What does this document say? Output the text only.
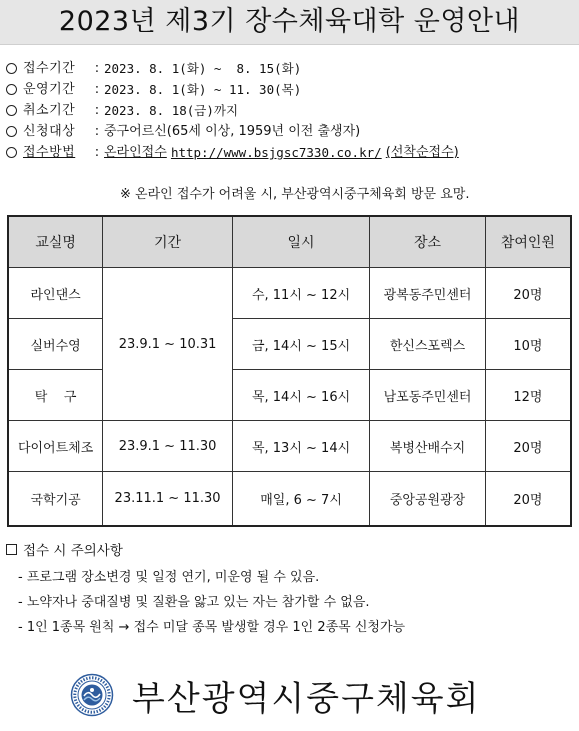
2023년 제3기 장수체육대학 운영안내
접수기간	: 2023. 8. 1(화) ~  8. 15(화)
운영기간	: 2023. 8. 1(화) ~ 11. 30(목)
취소기간	: 2023. 8. 18(금)까지
신청대상	: 중구어르신(65세 이상, 1959년 이전 출생자)
접수방법	: 온라인접수
http://www.bsjgsc7330.co.kr/
(선착순접수)
※ 온라인 접수가 어려울 시, 부산광역시중구체육회 방문 요망.
교실명	기간	일시	장소	참여인원
라인댄스	23.9.1 ~ 10.31	수, 11시 ~ 12시	광복동주민센터	20명
실버수영		금, 14시 ~ 15시	한신스포렉스	10명
탁    구		목, 14시 ~ 16시	남포동주민센터	12명
다이어트체조	23.9.1 ~ 11.30	목, 13시 ~ 14시	복병산배수지	20명
국학기공	23.11.1 ~ 11.30	매일, 6 ~ 7시	중앙공원광장	20명
접수 시 주의사항
- 프로그램 장소변경 및 일정 연기, 미운영 될 수 있음.
- 노약자나 중대질병 및 질환을 앓고 있는 자는 참가할 수 없음.
- 1인 1종목 원칙 → 접수 미달 종목 발생할 경우 1인 2종목 신청가능
부산광역시중구체육회
